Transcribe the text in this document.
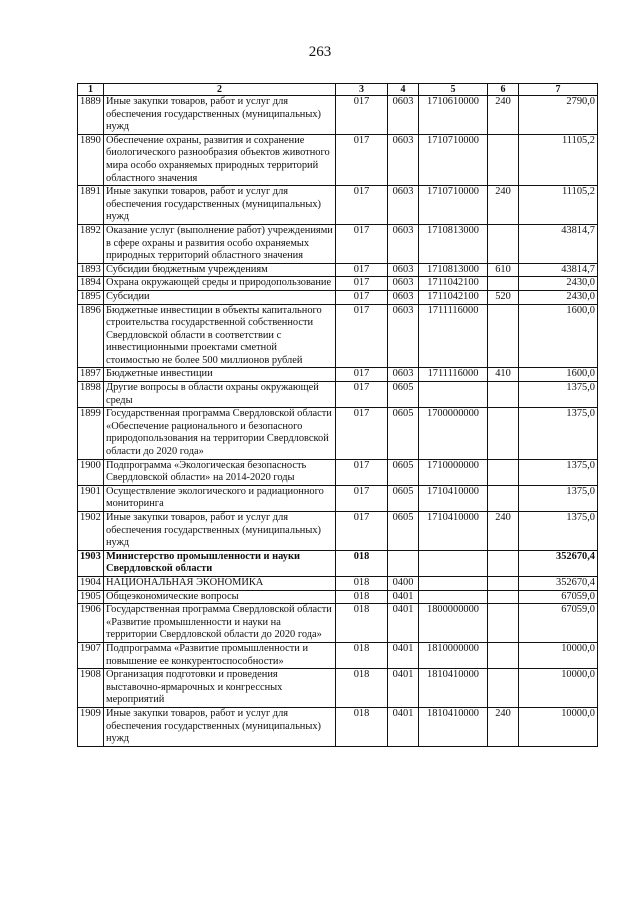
263
1	2	3	4	5	6	7
1889	Иные закупки товаров, работ и услуг для обеспечения государственных (муниципальных) нужд	017	0603	1710610000	240	2790,0
1890	Обеспечение охраны, развития и сохранение биологического разнообразия объектов животного мира особо охраняемых природных территорий областного значения	017	0603	1710710000		11105,2
1891	Иные закупки товаров, работ и услуг для обеспечения государственных (муниципальных) нужд	017	0603	1710710000	240	11105,2
1892	Оказание услуг (выполнение работ) учреждениями в сфере охраны и развития особо охраняемых природных территорий областного значения	017	0603	1710813000		43814,7
1893	Субсидии бюджетным учреждениям	017	0603	1710813000	610	43814,7
1894	Охрана окружающей среды и природопользование	017	0603	1711042100		2430,0
1895	Субсидии	017	0603	1711042100	520	2430,0
1896	Бюджетные инвестиции в объекты капитального строительства государственной собственности Свердловской области в соответствии с инвестиционными проектами сметной стоимостью не более 500 миллионов рублей	017	0603	1711116000		1600,0
1897	Бюджетные инвестиции	017	0603	1711116000	410	1600,0
1898	Другие вопросы в области охраны окружающей среды	017	0605			1375,0
1899	Государственная программа Свердловской области «Обеспечение рационального и безопасного природопользования на территории Свердловской области до 2020 года»	017	0605	1700000000		1375,0
1900	Подпрограмма «Экологическая безопасность Свердловской области» на 2014-2020 годы	017	0605	1710000000		1375,0
1901	Осуществление экологического и радиационного мониторинга	017	0605	1710410000		1375,0
1902	Иные закупки товаров, работ и услуг для обеспечения государственных (муниципальных) нужд	017	0605	1710410000	240	1375,0
1903	Министерство промышленности и науки Свердловской области	018				352670,4
1904	НАЦИОНАЛЬНАЯ ЭКОНОМИКА	018	0400			352670,4
1905	Общеэкономические вопросы	018	0401			67059,0
1906	Государственная программа Свердловской области «Развитие промышленности и науки на территории Свердловской области до 2020 года»	018	0401	1800000000		67059,0
1907	Подпрограмма «Развитие промышленности и повышение ее конкурентоспособности»	018	0401	1810000000		10000,0
1908	Организация подготовки и проведения выставочно-ярмарочных и конгрессных мероприятий	018	0401	1810410000		10000,0
1909	Иные закупки товаров, работ и услуг для обеспечения государственных (муниципальных) нужд	018	0401	1810410000	240	10000,0
